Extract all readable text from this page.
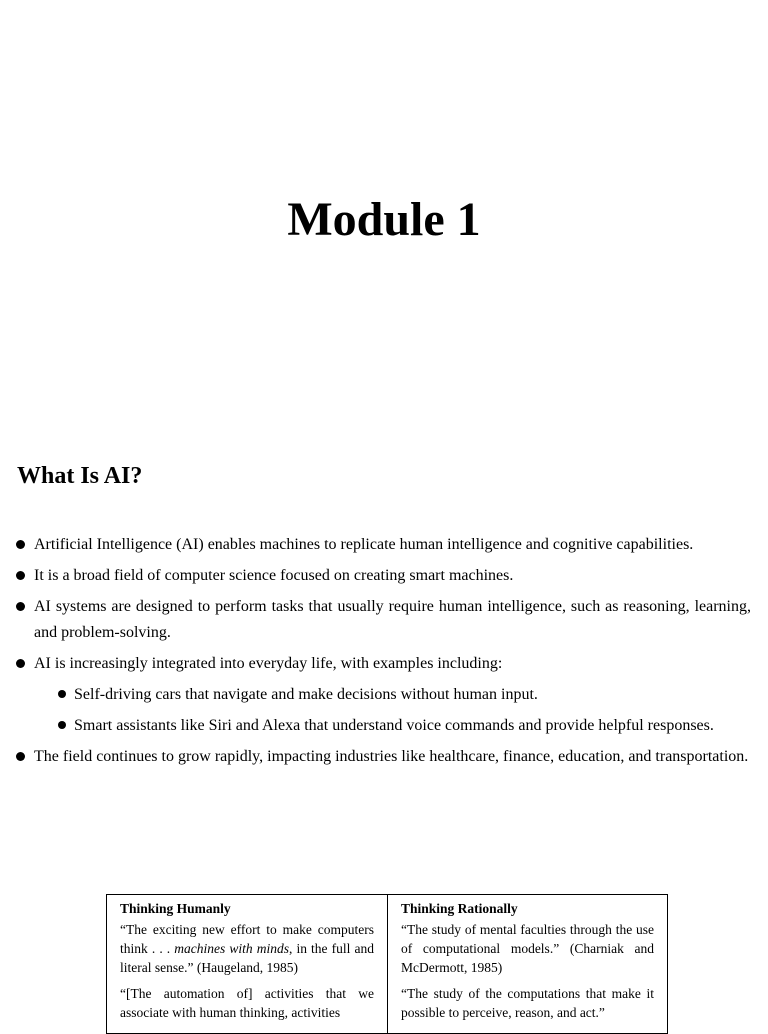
Module 1
What Is AI?
Artificial Intelligence (AI) enables machines to replicate human intelligence and cognitive capabilities.
It is a broad field of computer science focused on creating smart machines.
AI systems are designed to perform tasks that usually require human intelligence, such as reasoning, learning, and problem-solving.
AI is increasingly integrated into everyday life, with examples including:
Self-driving cars that navigate and make decisions without human input.
Smart assistants like Siri and Alexa that understand voice commands and provide helpful responses.
The field continues to grow rapidly, impacting industries like healthcare, finance, education, and transportation.
Thinking Humanly

“The exciting new effort to make computers think . . . machines with minds, in the full and literal sense.” (Haugeland, 1985)

“[The automation of] activities that we associate with human thinking, activities

Thinking Rationally

“The study of mental faculties through the use of computational models.” (Charniak and McDermott, 1985)

“The study of the computations that make it possible to perceive, reason, and act.”
